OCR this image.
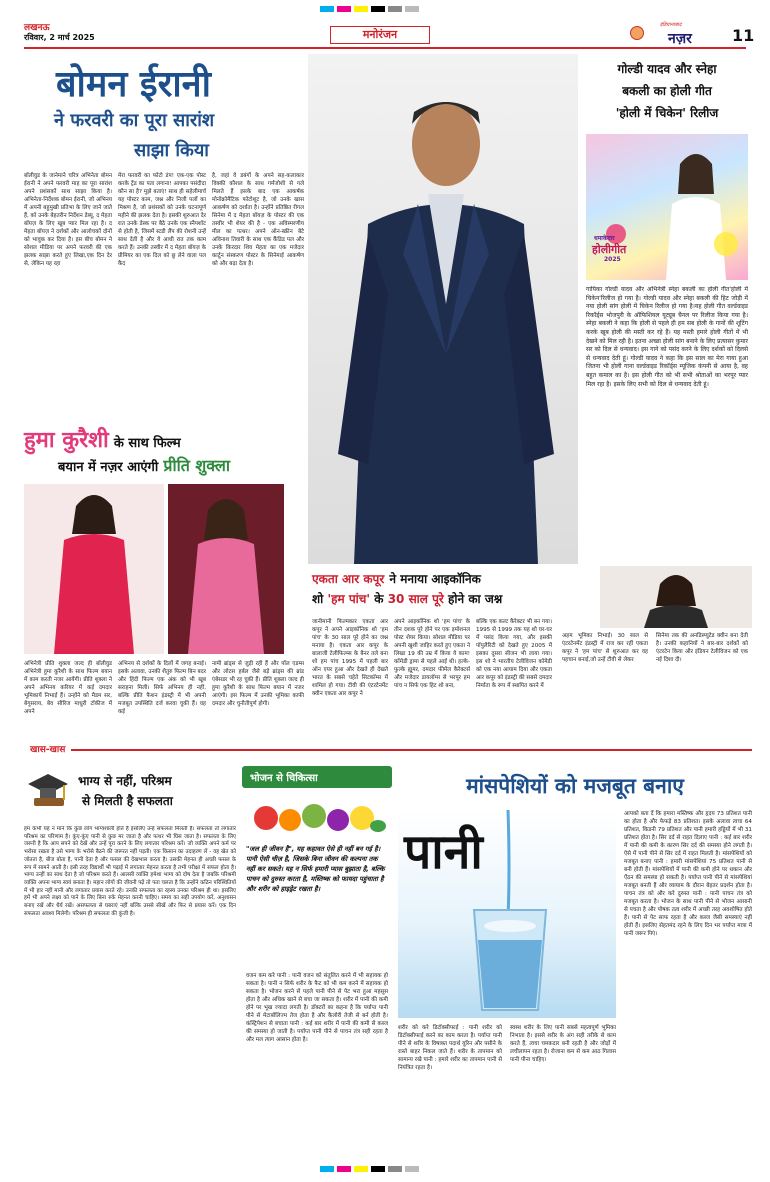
लखनऊ
रविवार, 2 मार्च 2025	मनोरंजन
इंडियानाबाद
नज़र	11
बोमन ईरानी
ने फरवरी का पूरा सारांश
साझा किया
बॉलीवुड के जानेमाने चरित्र अभिनेता बोमन ईरानी ने अपने फरवरी माह का पूरा सारांश अपने प्रशंसकों साथ साझा किया है। अभिनेता-निर्देशक बोमन ईरानी, जो अभिनय में अपनी बहुमुखी प्रतिभा के लिए जाने जाते हैं, को उनके बेहतरीन निर्देशन डेब्यू, द मेहता बॉयज़ के लिए खूब प्यार मिल रहा है। द मेहता बॉयज़ ने दर्शकों और आलोचकों दोनों को भावुक कर दिया है। इस बीच बोमन ने सोशल मीडिया पर अपने फरवरी की एक झलक साझा करते हुए लिखा,एक दिन देर से, लेकिन यह रहा
मेरा फरवरी का फोटो डंप! एक-एक पोस्ट करके ट्रेंड का पता लगाना! आपका पसंदीदा कौन सा है? मुझे बताएं! साथ ही सहेलीमार्च यह पोस्टर काम, जश्न और निजी पलों का मिश्रण है, जो प्रशंसकों को उनके घटनापूर्ण महीने की झलक देता है। इसकी शुरुआत देर रात उनके डेस्क पर बैठे उनके एक स्नैपशॉट से होती है, जिसमें स्टडी लैंप की रोशनी उन्हें साथ देती है और ये आधी रात तक काम करते हैं। उनकी तस्वीर में द मेहता बॉयज़ के प्रीमियर का एक दिल को छू लेने वाला पल कैद
है, जहां वे डबंगों के अपने सह-कलाकार विक्की कौशल के साथ गर्मजोशी से गले मिलते हैं इसके बाद एक आकर्षक मोनोक्रोमैटिक फोटोशूट है, जो उनके खास आकर्षण को दर्शाता है। उन्होंने प्रतिष्ठित रीगल सिनेमा में द मेहता बॉयज़ के पोस्टर की एक तस्वीर भी शेयर की है - एक अविस्मरणीय मील का पत्थर। अपने ऑन-स्क्रीन बेटे अविनाश तिवारी के साथ एक कैंडिड पल और उनके किरदार शिव मेहता का एक मजेदार कार्टून संस्करण पोस्टर के सिनेमाई आकर्षण को और बढ़ा देता है।
गोल्डी यादव और स्नेहा
बकली का होली गीत
'होली में चिकेन' रिलीज
धमाकेदार
होलीगीत
2025
गायिका गोल्डी यादव और अभिनेत्री स्नेहा बकली का होली गीत'होली में चिकेन'रिलीज हो गया है। गोल्डी यादव और स्नेहा बकली की हिट जोड़ी में नया होली सांग होली में चिकेन रिलीज हो गया है।यह होली गीत वर्ल्डवाइड रिकॉर्ड्स भोजपुरी के ऑफिशियल यूट्यूब चैनल पर रिलीज किया गया है। स्नेहा बकली ने कहा कि होली से पहले ही हम सब होली के गानों की शूटिंग करके खूब होली की मस्ती कर रहे हैं। यह मस्ती हमारे होली गीतों में भी देखने को मिल रही है। इतना अच्छा होली सांग बनाने के लिए प्रत्यासर कुमार सर को दिल से धन्यवाद। इस गाने को पसंद करने के लिए दर्शकों को दिलसे से धन्यवाद देती हूं। गोल्डी यादव ने कहा कि इस साल का मेरा गाया हुआ जितना भी होली गाना वर्ल्डवाइड रिकॉर्ड्स म्यूजिक कंपनी से आया है, वह बहुत कमाल का है। इस होली गीत को भी सभी श्रोताओं का भरपूर प्यार मिल रहा है। इसके लिए सभी को दिल से धन्यवाद देती हूं।
हुमा कुरैशी के साथ फिल्म
बयान में नज़र आएंगी प्रीति शुक्ला
अभिनेत्री प्रीति शुक्ला जल्द ही बॉलीवुड अभिनेत्री हुमा कुरैशी के साथ फिल्म बयान में काम करती नजर आयेंगी। प्रीति शुक्ला ने अपने अभिनय करियर में कई दमदार भूमिकायें निभाई हैं। उन्होंने को मैडम सर, बेगूसराय, बेव सीरिज माधुरी टॉकीज में अपने
अभिनय से दर्शकों के दिलों में जगह बनाई। इसके अलावा, उनकी शैतुरु फिल्म बिन बदर और हिंदी फिल्म एक अंक को भी खूब सराहना मिली। सिर्फ अभिनय ही नहीं, बल्कि प्रीति फैशन इंडस्ट्री में भी अपनी मजबूत उपस्थिति दर्ज करवा चुकी हैं। वह कई
नामी ब्रांड्स से जुड़ी रही हैं और पॉल एडम्स और लोटस हर्बल जैसे बड़े ब्रांड्स की ब्रांड एंबेसडर भी रह चुकी हैं। प्रीति शुक्ला जल्द ही हुमा कुरैशी के साथ फिल्म बयान में नजर आएंगी। इस फिल्म में उनकी भूमिका काफी दमदार और चुनौतीपूर्ण होगी।
एकता आर कपूर ने मनाया आइकॉनिक
शो 'हम पांच' के 30 साल पूरे होने का जश्न
जानीमानी फिल्मकार एकता आर कपूर ने अपने आइकॉनिक शो 'हम पांच' के 30 साल पूरे होने का जश्न मनाया है। एकता आर कपूर के बालाजी टेलीफिल्म्स के बैनर तले बना शो हम पांच 1995 में पहली बार ऑन एयर हुआ और देखते ही देखते भारत के सबसे चहेते सिटकॉम्स में शामिल हो गया। टीवी की एंटरटेनमेंट क्वीन एकता आर कपूर ने
अपने आइकॉनिक शो 'हम पांच' के तीन दशक पूरे होने पर एक इमोशनल पोस्ट शेयर किया। सोशल मीडिया पर अपनी खुशी जाहिर करते हुए एकता ने लिखा 19 की उम्र में किया ये काम! कॉमेडी ड्रामा से पहले आई थी। हल्के-फुल्के ह्यूमर, दमदार फीमेल कैरेक्टर्स और मजेदार डायलॉग्स से भरपूर हम पांच न सिर्फ एक हिट शो बना,
बल्कि एक कल्ट कैरेक्टर भी बन गया। 1995 से 1999 तक यह शो घर-घर में पसंद किया गया, और इसकी पॉपुलैरिटी को देखते हुए 2005 में इसका दूसरा सीजन भी लाया गया। इस शो ने भारतीय टेलीविजन कॉमेडी को एक नया आयाम दिया और एकता आर कपूर को इंडस्ट्री की सबसे दमदार निर्माता के रूप में स्थापित करने में
अहम भूमिका निभाई। 30 साल से एंटरटेनमेंट इंडस्ट्री में राज कर रहीं एकता कपूर ने 'हम पांच' से शुरुआत कर वह पहचान बनाई,जो उन्हें टीवी से लेकर
सिनेमा तक की अनडिस्प्युटेड क्वीन बना देती है। उनकी कहानियों ने बार-बार दर्शकों को एंटरटेन किया और इंडियन टेलीविजन को एक नई दिशा दी।
खास-खास
भाग्य से नहीं, परिश्रम
से मिलती है सफलता
हम कभी यह न मानें कि कुछ लोग भाग्यशाली होते हैं इसलिए उन्हें सफलता मिलती है। सफलता तो लगातार परिश्रम का परिणाम है। कुंए-कुंए पानी से कुछ मर जाता है और पत्थर भी घिस जाता है। सफलता के लिए जरूरी है कि आप सपने को देखें और उन्हें पूरा करने के लिए लगातार परिश्रम करें। जो व्यक्ति अपने कर्म पर भरोसा रखता है उसे भाग्य के भरोसे बैठने की जरूरत नहीं पड़ती। एक किसान का उदाहरण लें - वह खेत को जोतता है, बीज बोता है, पानी देता है और फसल की देखभाल करता है। उसकी मेहनत ही अच्छी फसल के रूप में सामने आती है। इसी तरह विद्यार्थी भी पढ़ाई में लगातार मेहनत करता है तभी परीक्षा में सफल होता है। भाग्य उन्हीं का साथ देता है जो परिश्रम करते हैं। आलसी व्यक्ति हमेशा भाग्य को दोष देता है जबकि परिश्रमी व्यक्ति अपना भाग्य स्वयं बनाता है। महान लोगों की जीवनी पढ़ें तो पता चलता है कि उन्होंने कठिन परिस्थितियों में भी हार नहीं मानी और लगातार प्रयास करते रहे। उनकी सफलता का रहस्य उनका परिश्रम ही था। इसलिए हमें भी अपने लक्ष्य को पाने के लिए बिना रुके मेहनत करनी चाहिए। समय का सही उपयोग करें, अनुशासन बनाए रखें और धैर्य रखें। असफलता से घबराएं नहीं बल्कि उससे सीखें और फिर से प्रयास करें। एक दिन सफलता अवश्य मिलेगी। परिश्रम ही सफलता की कुंजी है।
भोजन से चिकित्सा
"जल ही जीवन है", यह कहावत ऐसे ही नहीं बन गई है। पानी ऐसी चीज़ है, जिसके बिना जीवन की कल्पना तक नहीं कर सकते। यह न सिर्फ हमारी प्यास बुझाता है, बल्कि पाचन को दुरुस्त करता है, मस्तिष्क को फायदा पहुंचाता है और शरीर को हाइड्रेट रखता है।
वजन कम करे पानी : पानी वजन को संतुलित करने में भी सहायक हो सकता है। पानी न सिर्फ शरीर के फैट को भी कम करने में सहायक हो सकता है। भोजन करने से पहले पानी पीने से पेट भरा हुआ महसूस होता है और अधिक खाने से बचा जा सकता है। शरीर में पानी की कमी होने पर भूख ज्यादा लगती है। डॉक्टरों का कहना है कि पर्याप्त पानी पीने से मेटाबॉलिज्म तेज होता है और कैलोरी तेजी से बर्न होती है। कंस्ट्रिपेशन से बचाता पानी : कई बार शरीर में पानी की कमी से कब्ज की समस्या हो जाती है। पर्याप्त पानी पीने से पाचन तंत्र सही रहता है और मल त्याग आसान होता है।
मांसपेशियों को मजबूत बनाए
पानी
शरीर को करे डिटॉक्सीफाई : पानी शरीर को डिटॉक्सीफाई करने का काम करता है। पर्याप्त पानी पीने से शरीर के विषाक्त पदार्थ यूरिन और पसीने के रास्ते बाहर निकल जाते हैं। शरीर के तापमान को सामान्य रखे पानी : हमारे शरीर का तापमान पानी से नियंत्रित रहता है।
स्वस्थ शरीर के लिए पानी सबसे महत्वपूर्ण भूमिका निभाता है। इससे शरीर के अंग सही तरीके से काम करते हैं, त्वचा चमकदार बनी रहती है और जोड़ों में लचीलापन रहता है। रोजाना कम से कम आठ गिलास पानी पीना चाहिए।
आपको बता दें कि हमारा मस्तिष्क और हृदय 73 प्रतिशत पानी का होता है और फेफड़े 83 प्रतिशत। इसके अलावा त्वचा 64 प्रतिशत, किडनी 79 प्रतिशत और पानी हमारी हड्डियों में भी 31 प्रतिशत होता है। सिर दर्द से राहत दिलाए पानी : कई बार शरीर में पानी की कमी के कारण सिर दर्द की समस्या होने लगती है। ऐसे में पानी पीने से सिर दर्द में राहत मिलती है। मांसपेशियों को मजबूत बनाए पानी : हमारी मांसपेशियां 75 प्रतिशत पानी से बनी होती हैं। मांसपेशियों में पानी की कमी होने पर थकान और ऐंठन की समस्या हो सकती है। पर्याप्त पानी पीने से मांसपेशियां मजबूत बनती हैं और व्यायाम के दौरान बेहतर प्रदर्शन होता है। पाचन तंत्र को और करे दुरुस्त पानी : पानी पाचन तंत्र को मजबूत करता है। भोजन के साथ पानी पीने से भोजन आसानी से पचता है और पोषक तत्व शरीर में अच्छी तरह अवशोषित होते हैं। पानी से पेट साफ रहता है और कब्ज जैसी समस्याएं नहीं होती हैं। इसलिए सेहतमंद रहने के लिए दिन भर पर्याप्त मात्रा में पानी जरूर पिएं।
